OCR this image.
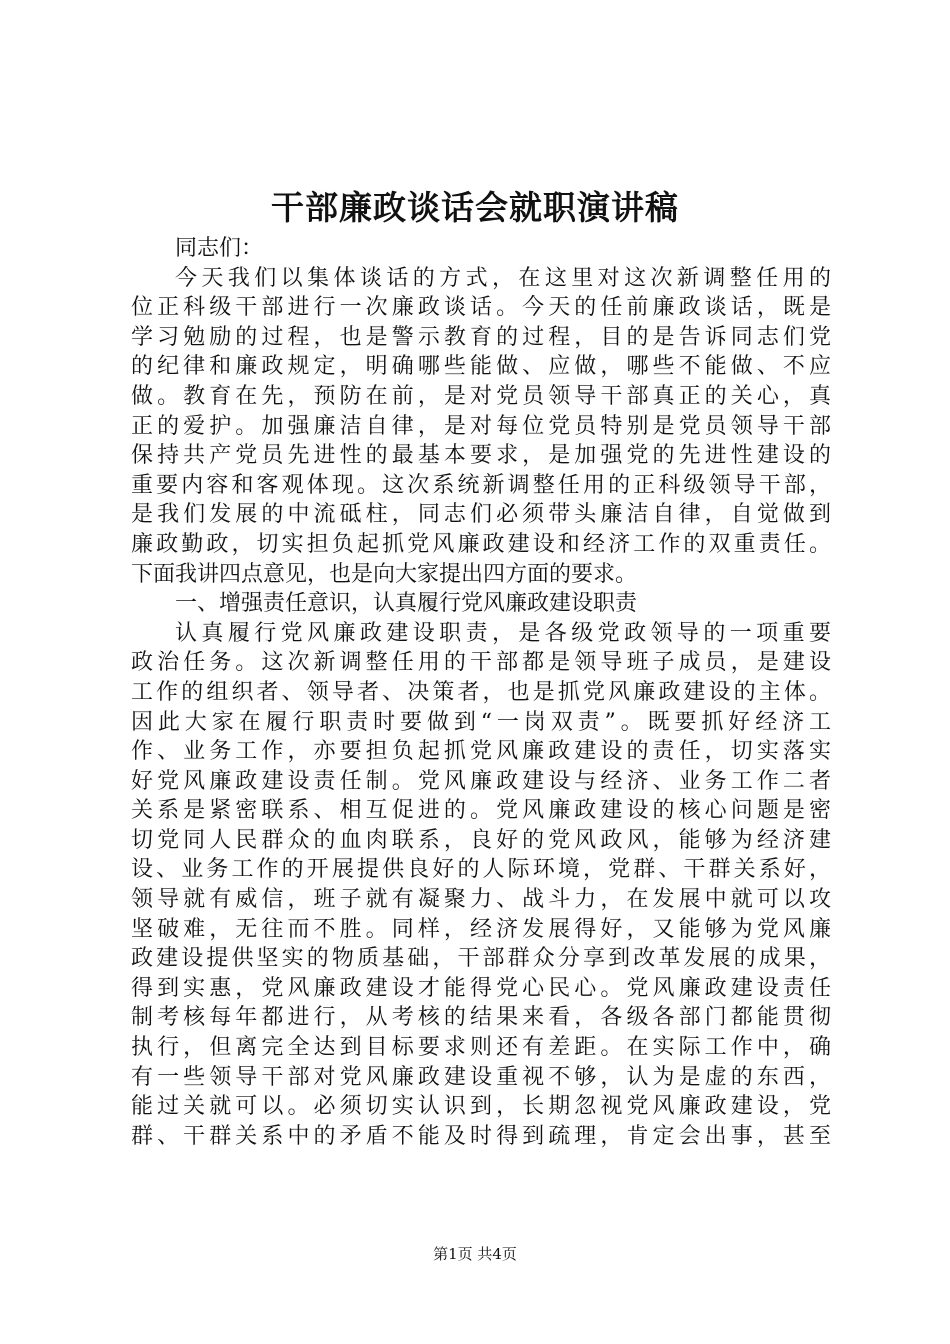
干部廉政谈话会就职演讲稿
同志们：
今天我们以集体谈话的方式，在这里对这次新调整任用的
位正科级干部进行一次廉政谈话。今天的任前廉政谈话，既是
学习勉励的过程，也是警示教育的过程，目的是告诉同志们党
的纪律和廉政规定，明确哪些能做、应做，哪些不能做、不应
做。教育在先，预防在前，是对党员领导干部真正的关心，真
正的爱护。加强廉洁自律，是对每位党员特别是党员领导干部
保持共产党员先进性的最基本要求，是加强党的先进性建设的
重要内容和客观体现。这次系统新调整任用的正科级领导干部，
是我们发展的中流砥柱，同志们必须带头廉洁自律，自觉做到
廉政勤政，切实担负起抓党风廉政建设和经济工作的双重责任。
下面我讲四点意见，也是向大家提出四方面的要求。
一、增强责任意识，认真履行党风廉政建设职责
认真履行党风廉政建设职责，是各级党政领导的一项重要
政治任务。这次新调整任用的干部都是领导班子成员，是建设
工作的组织者、领导者、决策者，也是抓党风廉政建设的主体。
因此大家在履行职责时要做到“一岗双责”。既要抓好经济工
作、业务工作，亦要担负起抓党风廉政建设的责任，切实落实
好党风廉政建设责任制。党风廉政建设与经济、业务工作二者
关系是紧密联系、相互促进的。党风廉政建设的核心问题是密
切党同人民群众的血肉联系，良好的党风政风，能够为经济建
设、业务工作的开展提供良好的人际环境，党群、干群关系好，
领导就有威信，班子就有凝聚力、战斗力，在发展中就可以攻
坚破难，无往而不胜。同样，经济发展得好，又能够为党风廉
政建设提供坚实的物质基础，干部群众分享到改革发展的成果，
得到实惠，党风廉政建设才能得党心民心。党风廉政建设责任
制考核每年都进行，从考核的结果来看，各级各部门都能贯彻
执行，但离完全达到目标要求则还有差距。在实际工作中，确
有一些领导干部对党风廉政建设重视不够，认为是虚的东西，
能过关就可以。必须切实认识到，长期忽视党风廉政建设，党
群、干群关系中的矛盾不能及时得到疏理，肯定会出事，甚至
第1页 共4页
